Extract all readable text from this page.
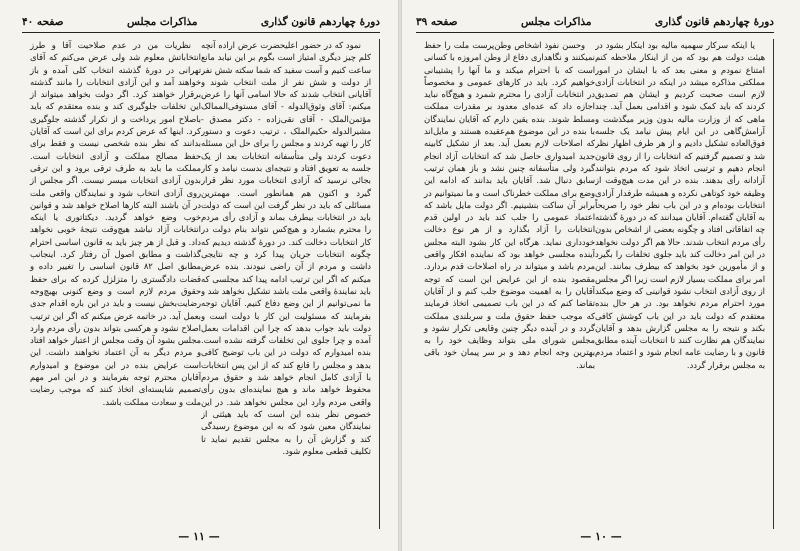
دورهٔ چهاردهم قانون گذاری
مذاکرات مجلس
صفحه ۴۰

نمود که در حضور اعلیحضرت عرض اراده آنچه کلم چیز دیگری امتیاز است بگوم بر این نیابد مانع ساعت کنیم و آست سفید که شما سکته شش نفر از دولت و شش نفر از ملت انتخاب شوند و آقایانی انتخاب شدند که حالا اسامی آنها را عرض میکنم: آقای وثوق‌الدوله - آقای مستوفی‌الممالک مؤتمن‌الملک - آقای نقی‌زاده - دکتر مصدق - مشیرالدوله حکیم‌الملک ، ترتیب دعوت و دستور کار را تهیه کردند و مجلس را برای حل این مسئله دعوت کردند ولی متأسفانه انتخابات بعد از یک جلسه به تعویق افتاد و نتیجه‌ای بدست نیامد و کار بجائی نرسید که آزادی انتخابات مورد نظر قرار گیرد و اکنون هم همانطور است. مهمترین مسائلی که باید در نظر گرفت این است که دولت باید در انتخابات بیطرف بماند و آزادی رأی مردم را محترم بشمارد و هیچ‌کس نتواند بنام دولت در کار انتخابات دخالت کند. در دورهٔ گذشته دیدیم که چگونه انتخابات جریان پیدا کرد و چه نتایجی داشت و مردم از آن راضی نبودند. بنده عرض میکنم که اگر این ترتیب ادامه پیدا کند مجلسی که باید نمایندهٔ واقعی ملت باشد تشکیل نخواهد شد و ما نمی‌توانیم از این وضع دفاع کنیم. آقایان توجه بفرمایند که مسئولیت این کار با دولت است و دولت باید جواب بدهد که چرا این اقدامات بعمل آمده و چرا جلوی این تخلفات گرفته نشده است. بنده امیدوارم که دولت در این باب توضیح کافی بدهد و مجلس را قانع کند که از این پس انتخابات با آزادی کامل انجام خواهد شد و حقوق مردم محفوظ خواهد ماند و هیچ نماینده‌ای بدون رأی واقعی مردم وارد این مجلس نخواهد شد. در این خصوص نظر بنده این است که باید هیئتی از نمایندگان معین شود که به این موضوع رسیدگی کند و گزارش آن را به مجلس تقدیم نماید تا تکلیف قطعی معلوم شود.

نظریات من در عدم صلاحیت آقا و طرز انتخاباتش معلوم شد ولی عرض می‌کنم که آقای تهرانی در دورهٔ گذشته انتخاب کلی آمده و باز خواهند آمد و این آزادی انتخابات را مانند گذشته برقرار خواهند کرد. اگر دولت بخواهد میتواند از این تخلفات جلوگیری کند و بنده معتقدم که باید باصلاح امور پرداخت و از تکرار گذشته جلوگیری کرد. اینها که عرض کردم برای این است که آقایان بدانند که نظر بنده شخصی نیست و فقط برای حفظ مصالح مملکت و آزادی انتخابات است. مملکت ما باید به طرف ترقی برود و این ترقی بدون آزادی انتخابات میسر نیست. اگر مجلس از روی آزادی انتخاب شود و نمایندگان واقعی ملت در آن باشند البته کارها اصلاح خواهد شد و قوانین خوب وضع خواهد گردید. دیکتاتوری یا اینکه انتخابات آزاد نباشد هیچ‌وقت نتیجهٔ خوبی نخواهد داد. و قبل از هر چیز باید به قانون اساسی احترام گذاشت و مطابق اصول آن رفتار کرد. اینجانب مطابق اصل ۸۲ قانون اساسی را تغییر داده و قضات دادگستری را متزلزل کرده که برای حفظ حقوق مردم لازم است و وضع کنونی بهیچ‌وجه رضایت‌بخش نیست و باید در این باره اقدام جدی بعمل آید. در خاتمه عرض میکنم که اگر این ترتیب اصلاح نشود و هرکسی بتواند بدون رأی مردم وارد مجلس بشود آن وقت مجلس از اعتبار خواهد افتاد و مردم دیگر به آن اعتماد نخواهند داشت. این است عرایض بنده در این موضوع و امیدوارم آقایان محترم توجه بفرمایند و در این امر مهم تصمیم شایسته‌ای اتخاذ کنند که موجب رضایت ملت و سعادت مملکت باشد.

— ۱۱ —
دورهٔ چهاردهم قانون گذاری
مذاکرات مجلس
صفحه ۳۹

یا اینکه سرکار سهمیه مالیه بود اینکار بشود در هیئت دولت هم بود که من از اینکار ملاحظه کنم امتناع نمودم و معنی بعد که با ایشان در امور مملکتی مذاکره میشد در اینکه در انتخابات آزادی لازم است صحبت کردیم و ایشان هم تصدیق کردند که باید کمک شود و اقدامی بعمل آید. چند ماهی که از وزارت مالیه بدون وزیر میگذشت و آرامش‌گاهی در این ایام پیش نیامد یک جلسه فوق‌العاده تشکیل دادیم و از هر طرف اظهار نظر شد و تصمیم گرفتیم که انتخابات را از روی قانون انجام دهیم و ترتیبی اتخاذ شود که مردم بتوانند آزادانه رأی بدهند. بنده در این مدت هیچ‌وقت از وظیفه خود کوتاهی نکرده و همیشه طرفدار آزادی انتخابات بوده‌ام و در این باب نظر خود را صریحاً به آقایان گفته‌ام. آقایان میدانند که در دورهٔ گذشته چه اتفاقاتی افتاد و چگونه بعضی از اشخاص بدون رأی مردم انتخاب شدند. حالا هم اگر دولت نخواهد در این امر دخالت کند باید جلوی تخلفات را بگیرد و از مأمورین خود بخواهد که بیطرف بمانند. این امر برای مملکت بسیار لازم است زیرا اگر مجلس از روی آزادی انتخاب نشود قوانینی که وضع میکند مورد احترام مردم نخواهد بود. در هر حال بنده معتقدم که دولت باید در این باب کوشش کافی بکند و نتیجه را به مجلس گزارش بدهد و آقایان نمایندگان هم نظارت کنند تا انتخابات آینده مطابق قانون و با رضایت عامه انجام شود و اعتماد مردم به مجلس برقرار گردد.

وحسن نفوذ اشخاص وطن‌پرست ملت را حفظ نمیکنند و نگاهداری دفاع از وطن امروزه با کسانی است که با احترام میکند و ما آنها را پشتیبانی خواهیم کرد. باید در کارهای عمومی و مخصوصاً در انتخابات آزادی را محترم شمرد و هیچ‌گاه نباید اجازه داد که عده‌ای معدود بر مقدرات مملکت مسلط شوند. بنده یقین دارم که آقایان نمایندگان با بنده در این موضوع هم‌عقیده هستند و مایل‌اند که اصلاحات لازم بعمل آید. بعد از تشکیل کابینه جدید امیدواری حاصل شد که انتخابات آزاد انجام گیرد ولی متأسفانه چنین نشد و باز همان ترتیب سابق دنبال شد. آقایان باید بدانند که ادامه این وضع برای مملکت خطرناک است و ما نمیتوانیم در برابر آن ساکت بنشینیم. اگر دولت مایل باشد که اعتماد عمومی را جلب کند باید در اولین قدم انتخابات را آزاد بگذارد و از هر نوع دخالت خودداری نماید. هرگاه این کار بشود البته مجلس آینده مجلسی خواهد بود که نماینده افکار واقعی مردم باشد و میتواند در راه اصلاحات قدم بردارد. مقصود بنده از این عرایض این است که توجه آقایان را به اهمیت موضوع جلب کنم و از آقایان تقاضا کنم که در این باب تصمیمی اتخاذ فرمایند که موجب حفظ حقوق ملت و سربلندی مملکت گردد و در آینده دیگر چنین وقایعی تکرار نشود و مجلس شورای ملی بتواند وظایف خود را به بهترین وجه انجام دهد و بر سر پیمان خود باقی بماند.

— ۱۰ —
